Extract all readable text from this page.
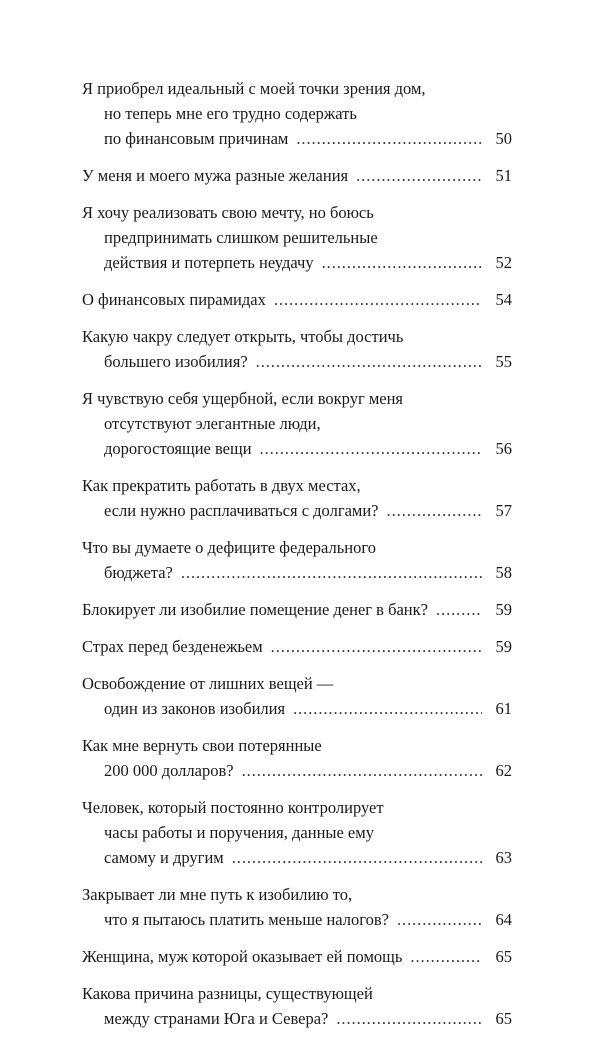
Я приобрел идеальный с моей точки зрения дом,
но теперь мне его трудно содержать
по финансовым причинам . . .	50
У меня и моего мужа разные желания . . .	51
Я хочу реализовать свою мечту, но боюсь
предпринимать слишком решительные
действия и потерпеть неудачу . . .	52
О финансовых пирамидах . . .	54
Какую чакру следует открыть, чтобы достичь
большего изобилия? . . .	55
Я чувствую себя ущербной, если вокруг меня
отсутствуют элегантные люди,
дорогостоящие вещи . . .	56
Как прекратить работать в двух местах,
если нужно расплачиваться с долгами? . . .	57
Что вы думаете о дефиците федерального
бюджета? . . .	58
Блокирует ли изобилие помещение денег в банк? . . .	59
Страх перед безденежьем . . .	59
Освобождение от лишних вещей —
один из законов изобилия . . .	61
Как мне вернуть свои потерянные
200 000 долларов? . . .	62
Человек, который постоянно контролирует
часы работы и поручения, данные ему
самому и другим . . .	63
Закрывает ли мне путь к изобилию то,
что я пытаюсь платить меньше налогов? . . .	64
Женщина, муж которой оказывает ей помощь . . .	65
Какова причина разницы, существующей
между странами Юга и Севера? . . .	65
